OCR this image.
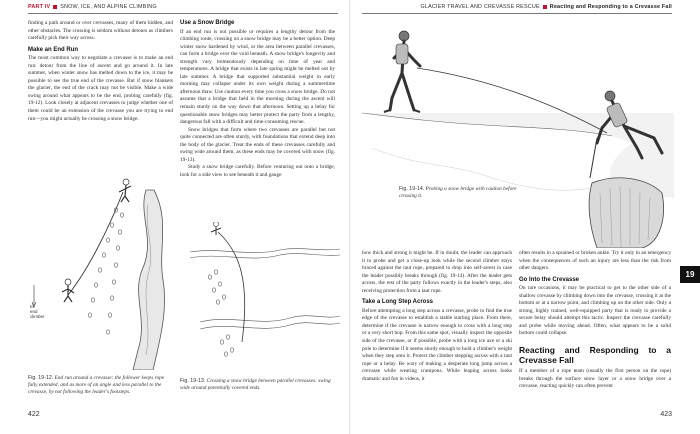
PART IV SNOW, ICE, AND ALPINE CLIMBING	GLACIER TRAVEL AND CREVASSE RESCUE Reacting and Responding to a Crevasse Fall

finding a path around or over crevasses, many of them hidden, and other obstacles. The crossing is seldom without detours as climbers carefully pick their way across.

Make an End Run

The most common way to negotiate a crevasse is to make an end run: detour from the line of ascent and go around it. In late summer, when winter snow has melted down to the ice, it may be possible to see the true end of the crevasse. But if snow blankets the glacier, the end of the crack may not be visible. Make a wide swing around what appears to be the end, probing carefully (fig. 19-12). Look closely at adjacent crevasses to judge whether one of them could be an extension of the crevasse you are trying to end run—you might actually be crossing a snow bridge.

Use a Snow Bridge

If an end run is not possible or requires a lengthy detour from the climbing route, crossing on a snow bridge may be a better option. Deep winter snow hardened by wind, or the area between parallel crevasses, can form a bridge over the void beneath. A snow bridge's longevity and strength vary tremendously depending on time of year and temperatures. A bridge that exists in late spring might be melted out by late summer. A bridge that supported substantial weight in early morning may collapse under its own weight during a summertime afternoon thaw. Use caution every time you cross a snow bridge. Do not assume that a bridge that held in the morning during the ascent will remain sturdy on the way down that afternoon. Setting up a belay for questionable snow bridges may better protect the party from a lengthy, dangerous fall with a difficult and time-consuming rescue.

Snow bridges that form where two crevasses are parallel but not quite connected are often sturdy, with foundations that extend deep into the body of the glacier. Treat the ends of these crevasses carefully and swing wide around them, as these ends may be covered with snow (fig. 19-13).

Study a snow bridge carefully. Before venturing out onto a bridge, look for a side view to see beneath it and gauge

to
end
climber
Fig. 19-12. End run around a crevasse: the follower keeps rope fully extended, and as more of an angle and less parallel to the crevasse, by not following the leader's footsteps.
Fig. 19-13. Crossing a snow bridge between parallel crevasses: swing wide around potentially covered ends.
422
Fig. 19-14. Probing a snow bridge with caution before crossing it.

how thick and strong it might be. If in doubt, the leader can approach it to probe and get a close-up look while the second climber stays braced against the taut rope, prepared to drop into self-arrest in case the leader possibly breaks through (fig. 19-14). After the leader gets across, the rest of the party follows exactly in the leader's steps, also receiving protection from a taut rope.

Take a Long Step Across

Before attempting a long step across a crevasse, probe to find the true edge of the crevasse to establish a stable starting place. From there, determine if the crevasse is narrow enough to cross with a long step or a very short hop. From this same spot, visually inspect the opposite side of the crevasse, or if possible, probe with a long ice axe or a ski pole to determine if it seems sturdy enough to hold a climber's weight when they step onto it. Protect the climber stepping across with a taut rope or a belay. Be wary of making a desperate long jump across a crevasse while wearing crampons. While leaping across looks dramatic and fun in videos, it

often results in a sprained or broken ankle. Try it only in an emergency when the consequences of such an injury are less than the risk from other dangers.

Go Into the Crevasse

On rare occasions, it may be practical to get to the other side of a shallow crevasse by climbing down into the crevasse, crossing it at the bottom or at a narrow point, and climbing up on the other side. Only a strong, highly trained, well-equipped party that is ready to provide a secure belay should attempt this tactic. Inspect the crevasse carefully and probe while moving ahead. Often, what appears to be a solid bottom could collapse.

Reacting and Responding to a Crevasse Fall

If a member of a rope team (usually the first person on the rope) breaks through the surface snow layer or a snow bridge over a crevasse, reacting quickly can often prevent

19
423
